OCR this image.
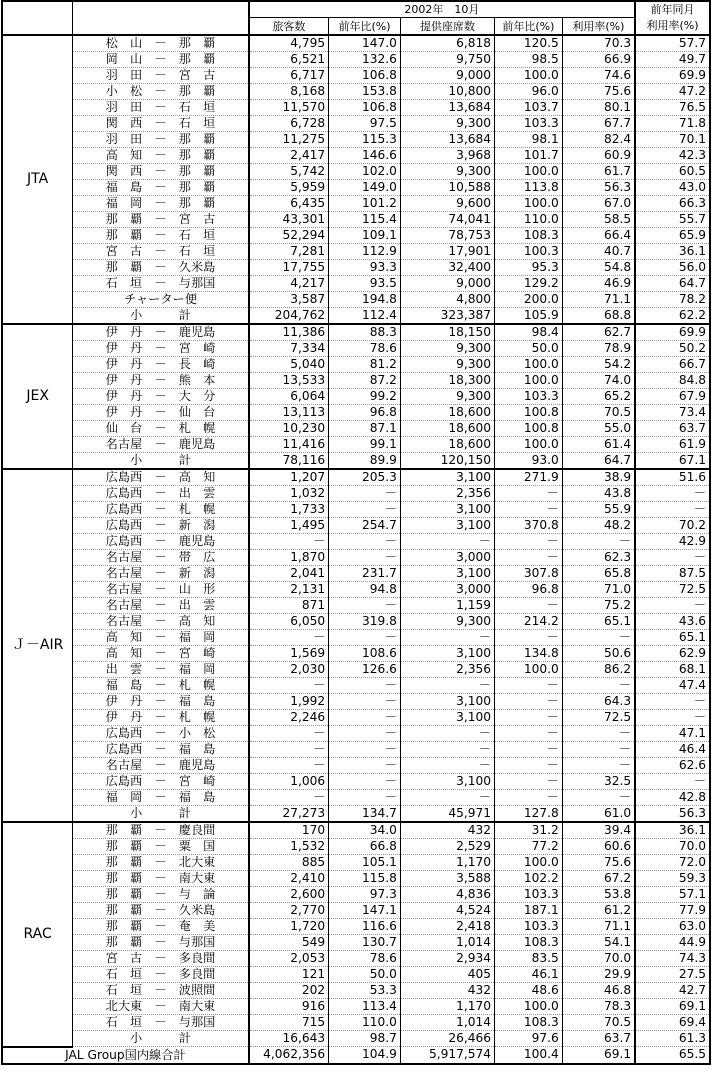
		2002年　10月					前年同月
		旅客数	前年比(%)	提供座席数	前年比(%)	利用率(%)	利用率(%)
JTA	松　山　－　那　覇	4,795	147.0	6,818	120.5	70.3	57.7
	岡　山　－　那　覇	6,521	132.6	9,750	98.5	66.9	49.7
	羽　田　－　宮　古	6,717	106.8	9,000	100.0	74.6	69.9
	小　松　－　那　覇	8,168	153.8	10,800	96.0	75.6	47.2
	羽　田　－　石　垣	11,570	106.8	13,684	103.7	80.1	76.5
	関　西　－　石　垣	6,728	97.5	9,300	103.3	67.7	71.8
	羽　田　－　那　覇	11,275	115.3	13,684	98.1	82.4	70.1
	高　知　－　那　覇	2,417	146.6	3,968	101.7	60.9	42.3
	関　西　－　那　覇	5,742	102.0	9,300	100.0	61.7	60.5
	福　島　－　那　覇	5,959	149.0	10,588	113.8	56.3	43.0
	福　岡　－　那　覇	6,435	101.2	9,600	100.0	67.0	66.3
	那　覇　－　宮　古	43,301	115.4	74,041	110.0	58.5	55.7
	那　覇　－　石　垣	52,294	109.1	78,753	108.3	66.4	65.9
	宮　古　－　石　垣	7,281	112.9	17,901	100.3	40.7	36.1
	那　覇　－　久米島	17,755	93.3	32,400	95.3	54.8	56.0
	石　垣　－　与那国	4,217	93.5	9,000	129.2	46.9	64.7
	チャーター便	3,587	194.8	4,800	200.0	71.1	78.2
	小　　　計	204,762	112.4	323,387	105.9	68.8	62.2
JEX	伊　丹　－　鹿児島	11,386	88.3	18,150	98.4	62.7	69.9
	伊　丹　－　宮　崎	7,334	78.6	9,300	50.0	78.9	50.2
	伊　丹　－　長　崎	5,040	81.2	9,300	100.0	54.2	66.7
	伊　丹　－　熊　本	13,533	87.2	18,300	100.0	74.0	84.8
	伊　丹　－　大　分	6,064	99.2	9,300	103.3	65.2	67.9
	伊　丹　－　仙　台	13,113	96.8	18,600	100.8	70.5	73.4
	仙　台　－　札　幌	10,230	87.1	18,600	100.8	55.0	63.7
	名古屋　－　鹿児島	11,416	99.1	18,600	100.0	61.4	61.9
	小　　　計	78,116	89.9	120,150	93.0	64.7	67.1
Ｊ－AIR	広島西　－　高　知	1,207	205.3	3,100	271.9	38.9	51.6
	広島西　－　出　雲	1,032	－	2,356	－	43.8	－
	広島西　－　札　幌	1,733	－	3,100	－	55.9	－
	広島西　－　新　潟	1,495	254.7	3,100	370.8	48.2	70.2
	広島西　－　鹿児島	－	－	－	－	－	42.9
	名古屋　－　帯　広	1,870	－	3,000	－	62.3	－
	名古屋　－　新　潟	2,041	231.7	3,100	307.8	65.8	87.5
	名古屋　－　山　形	2,131	94.8	3,000	96.8	71.0	72.5
	名古屋　－　出　雲	871	－	1,159	－	75.2	－
	名古屋　－　高　知	6,050	319.8	9,300	214.2	65.1	43.6
	高　知　－　福　岡	－	－	－	－	－	65.1
	高　知　－　宮　崎	1,569	108.6	3,100	134.8	50.6	62.9
	出　雲　－　福　岡	2,030	126.6	2,356	100.0	86.2	68.1
	福　島　－　札　幌	－	－	－	－	－	47.4
	伊　丹　－　福　島	1,992	－	3,100	－	64.3	－
	伊　丹　－　札　幌	2,246	－	3,100	－	72.5	－
	広島西　－　小　松	－	－	－	－	－	47.1
	広島西　－　福　島	－	－	－	－	－	46.4
	名古屋　－　鹿児島	－	－	－	－	－	62.6
	広島西　－　宮　崎	1,006	－	3,100	－	32.5	－
	福　岡　－　福　島	－	－	－	－	－	42.8
	小　　　計	27,273	134.7	45,971	127.8	61.0	56.3
RAC	那　覇　－　慶良間	170	34.0	432	31.2	39.4	36.1
	那　覇　－　粟　国	1,532	66.8	2,529	77.2	60.6	70.0
	那　覇　－　北大東	885	105.1	1,170	100.0	75.6	72.0
	那　覇　－　南大東	2,410	115.8	3,588	102.2	67.2	59.3
	那　覇　－　与　論	2,600	97.3	4,836	103.3	53.8	57.1
	那　覇　－　久米島	2,770	147.1	4,524	187.1	61.2	77.9
	那　覇　－　奄　美	1,720	116.6	2,418	103.3	71.1	63.0
	那　覇　－　与那国	549	130.7	1,014	108.3	54.1	44.9
	宮　古　－　多良間	2,053	78.6	2,934	83.5	70.0	74.3
	石　垣　－　多良間	121	50.0	405	46.1	29.9	27.5
	石　垣　－　波照間	202	53.3	432	48.6	46.8	42.7
	北大東　－　南大東	916	113.4	1,170	100.0	78.3	69.1
	石　垣　－　与那国	715	110.0	1,014	108.3	70.5	69.4
	小　　　計	16,643	98.7	26,466	97.6	63.7	61.3
JAL Group国内線合計		4,062,356	104.9	5,917,574	100.4	69.1	65.5
